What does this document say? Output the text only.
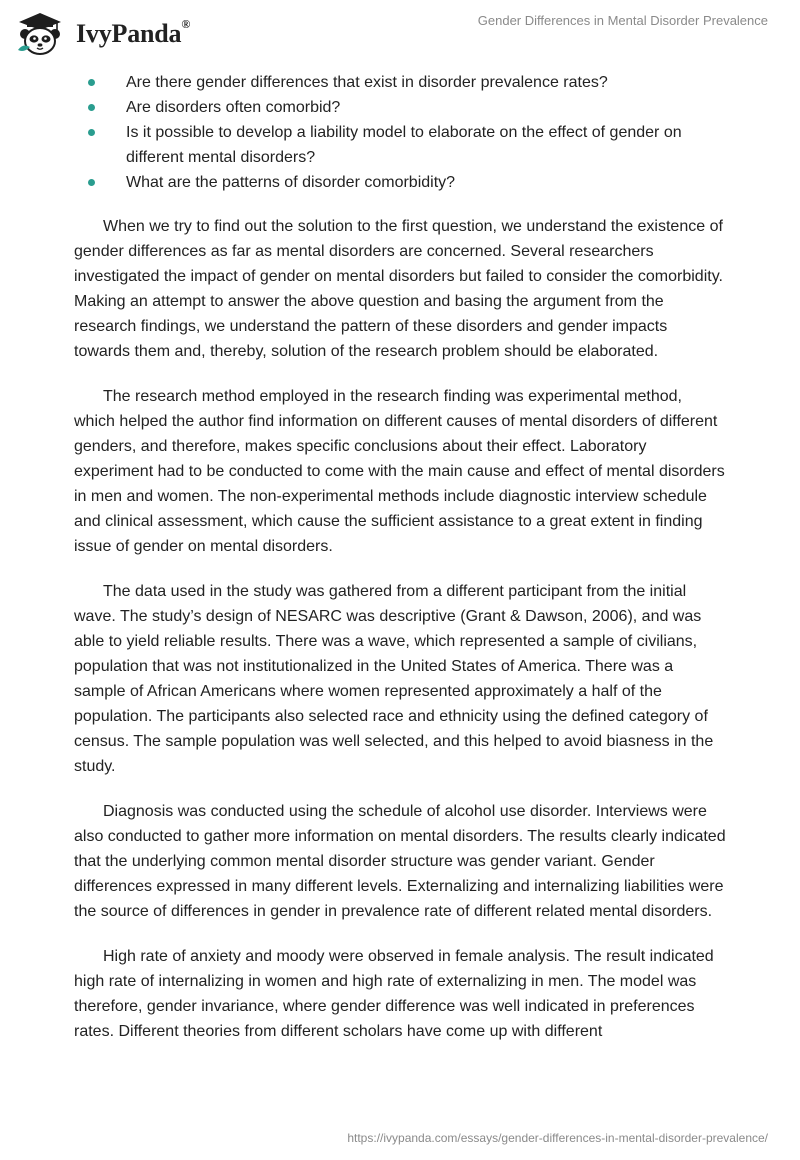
IvyPanda®	Gender Differences in Mental Disorder Prevalence
Are there gender differences that exist in disorder prevalence rates?
Are disorders often comorbid?
Is it possible to develop a liability model to elaborate on the effect of gender on different mental disorders?
What are the patterns of disorder comorbidity?

When we try to find out the solution to the first question, we understand the existence of gender differences as far as mental disorders are concerned. Several researchers investigated the impact of gender on mental disorders but failed to consider the comorbidity. Making an attempt to answer the above question and basing the argument from the research findings, we understand the pattern of these disorders and gender impacts towards them and, thereby, solution of the research problem should be elaborated.

The research method employed in the research finding was experimental method, which helped the author find information on different causes of mental disorders of different genders, and therefore, makes specific conclusions about their effect. Laboratory experiment had to be conducted to come with the main cause and effect of mental disorders in men and women. The non-experimental methods include diagnostic interview schedule and clinical assessment, which cause the sufficient assistance to a great extent in finding issue of gender on mental disorders.

The data used in the study was gathered from a different participant from the initial wave. The study’s design of NESARC was descriptive (Grant & Dawson, 2006), and was able to yield reliable results. There was a wave, which represented a sample of civilians, population that was not institutionalized in the United States of America. There was a sample of African Americans where women represented approximately a half of the population. The participants also selected race and ethnicity using the defined category of census. The sample population was well selected, and this helped to avoid biasness in the study.

Diagnosis was conducted using the schedule of alcohol use disorder. Interviews were also conducted to gather more information on mental disorders. The results clearly indicated that the underlying common mental disorder structure was gender variant. Gender differences expressed in many different levels. Externalizing and internalizing liabilities were the source of differences in gender in prevalence rate of different related mental disorders.

High rate of anxiety and moody were observed in female analysis. The result indicated high rate of internalizing in women and high rate of externalizing in men. The model was therefore, gender invariance, where gender difference was well indicated in preferences rates. Different theories from different scholars have come up with different

https://ivypanda.com/essays/gender-differences-in-mental-disorder-prevalence/
